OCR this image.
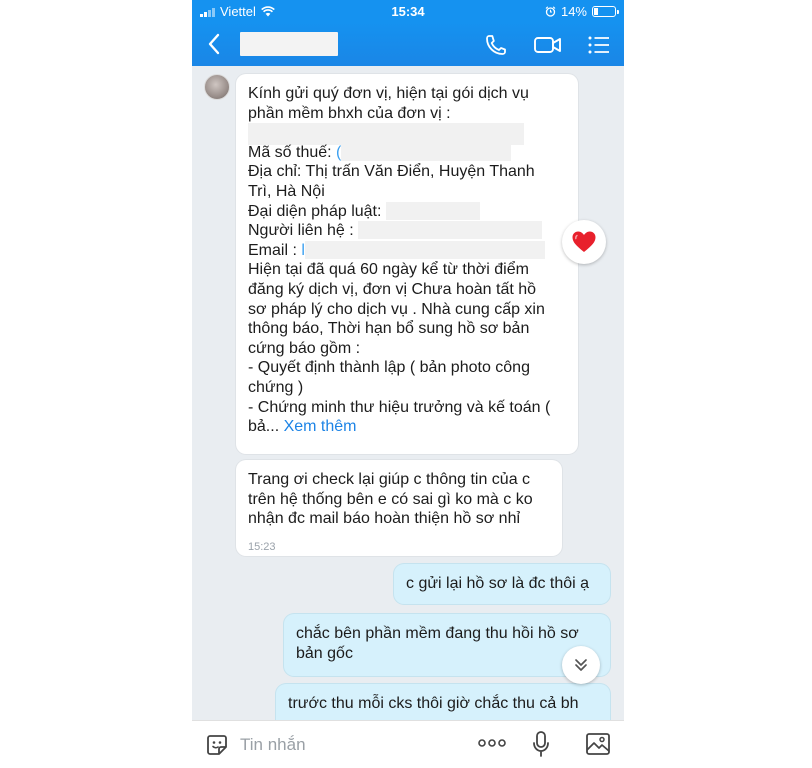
Viettel	15:34	14%
Kính gửi quý đơn vị, hiện tại gói dịch vụ
phần mềm bhxh của đơn vị :
Mã số thuế: (
Địa chỉ: Thị trấn Văn Điển, Huyện Thanh
Trì, Hà Nội
Đại diện pháp luật:
Người liên hệ :
Email : l
Hiện tại đã quá 60 ngày kể từ thời điểm
đăng ký dịch vị, đơn vị Chưa hoàn tất hồ
sơ pháp lý cho dịch vụ . Nhà cung cấp xin
thông báo, Thời hạn bổ sung hồ sơ bản
cứng báo gồm :
- Quyết định thành lập ( bản photo công
chứng )
- Chứng minh thư hiệu trưởng và kế toán (
bả... Xem thêm
Trang ơi check lại giúp c thông tin của c
trên hệ thống bên e có sai gì ko mà c ko
nhận đc mail báo hoàn thiện hồ sơ nhỉ
15:23
c gửi lại hồ sơ là đc thôi ạ
chắc bên phần mềm đang thu hồi hồ sơ
bản gốc
trước thu mỗi cks thôi giờ chắc thu cả bh
Tin nhắn
